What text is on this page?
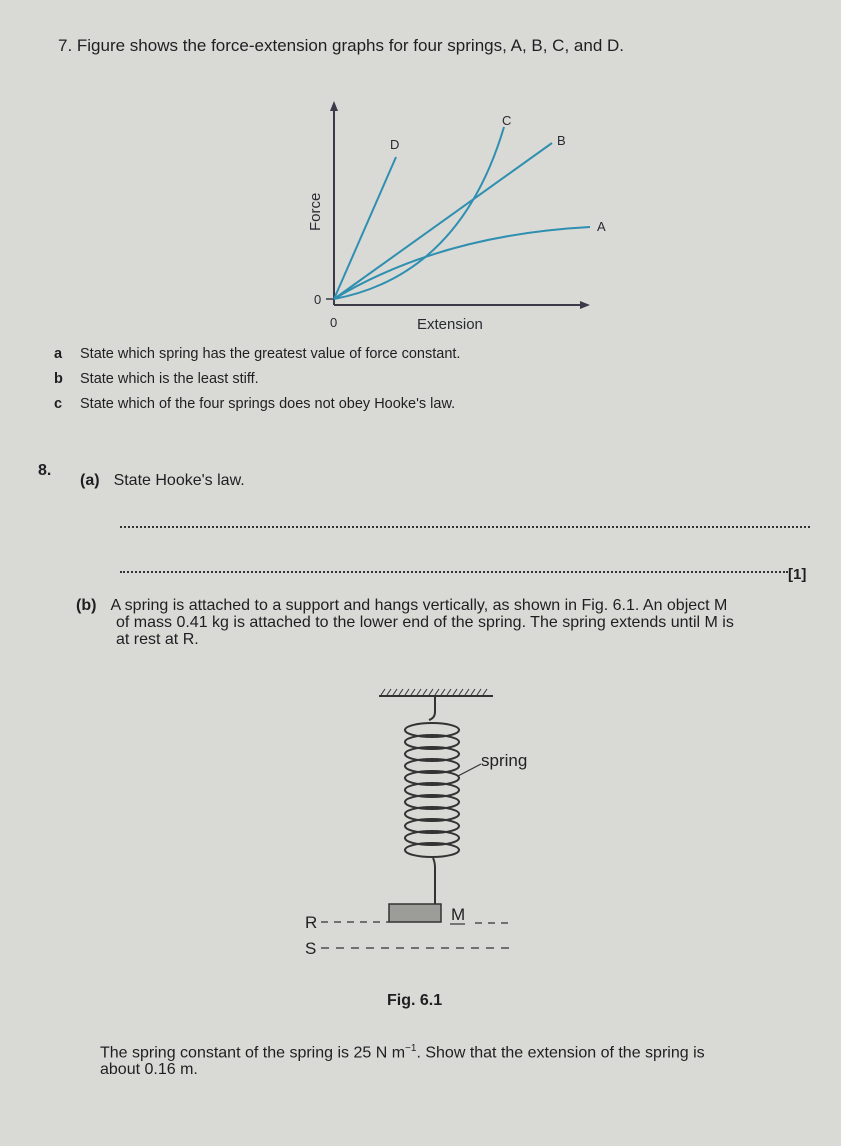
7. Figure shows the force-extension graphs for four springs, A, B, C, and D.
D
C
B
A
Force
Extension
0
0
a State which spring has the greatest value of force constant.
b State which is the least stiff.
c State which of the four springs does not obey Hooke's law.
8.
(a) State Hooke's law.
[1]
(b) A spring is attached to a support and hangs vertically, as shown in Fig. 6.1. An object M
of mass 0.41 kg is attached to the lower end of the spring. The spring extends until M is
at rest at R.
spring
M
R
S
Fig. 6.1
The spring constant of the spring is 25 N $m^{-1}$. Show that the extension of the spring is
about 0.16 m.
